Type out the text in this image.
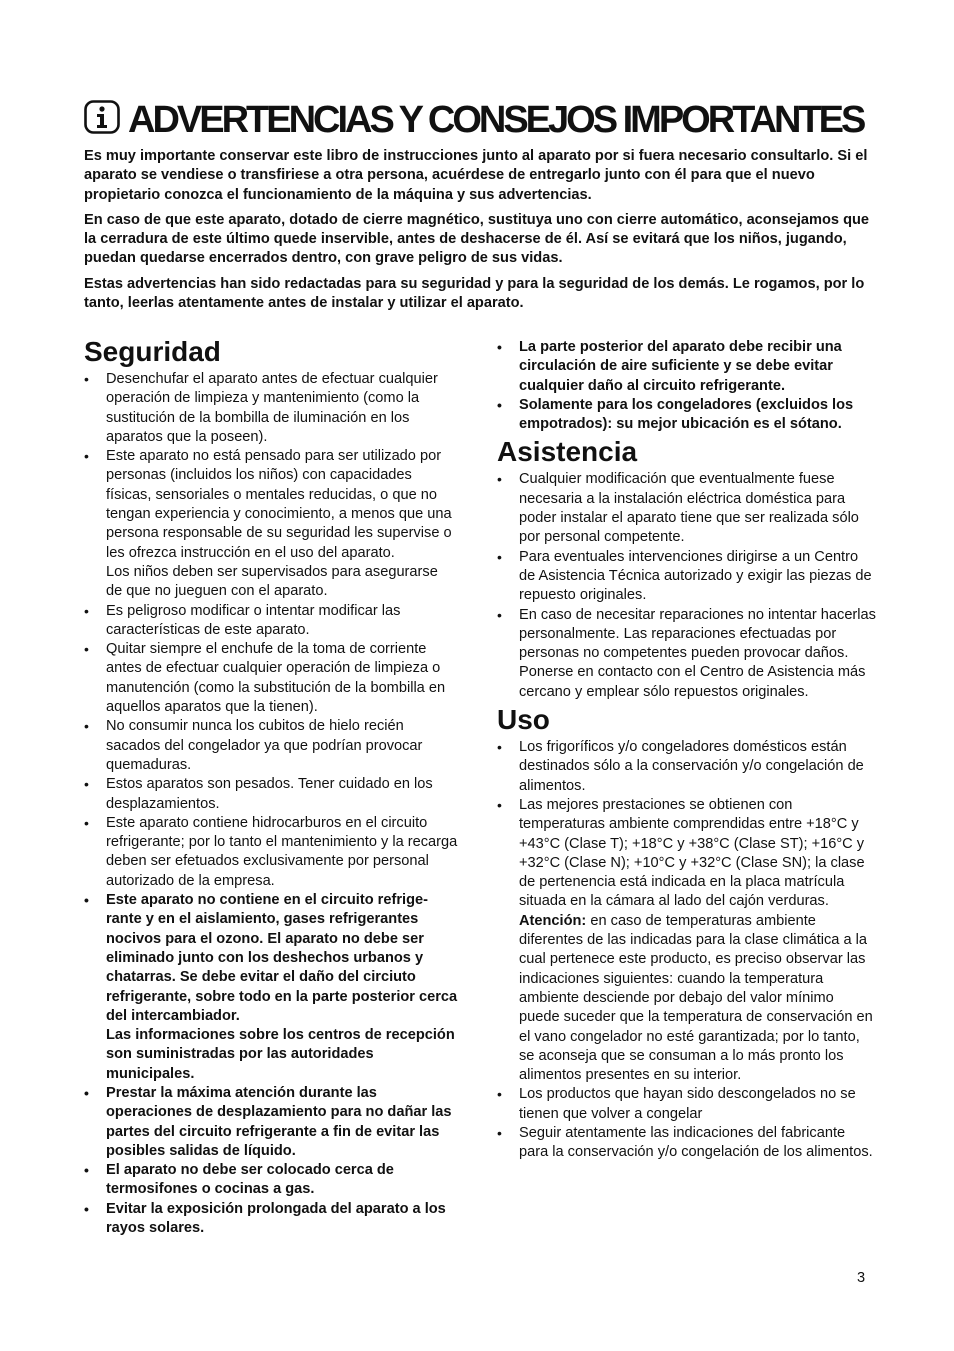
ADVERTENCIAS Y CONSEJOS IMPORTANTES

Es muy importante conservar este libro de instrucciones junto al aparato por si fuera necesario consultarlo. Si el aparato se vendiese o transfiriese a otra persona, acuérdese de entregarlo junto con él para que el nuevo propietario conozca el funcionamiento de la máquina y sus advertencias.

En caso de que este aparato, dotado de cierre magnético, sustituya uno con cierre automático, aconsejamos que la cerradura de este último quede inservible, antes de deshacerse de él. Así se evitará que los niños, jugando, puedan quedarse encerrados dentro, con grave peligro de sus vidas.

Estas advertencias han sido redactadas para su seguridad y para la seguridad de los demás. Le rogamos, por lo tanto, leerlas atentamente antes de instalar y utilizar el aparato.

Seguridad
• Desenchufar el aparato antes de efectuar cualquier operación de limpieza y mantenimiento (como la sustitución de la bombilla de iluminación en los aparatos que la poseen).
• Este aparato no está pensado para ser utilizado por personas (incluidos los niños) con capacidades físicas, sensoriales o mentales reducidas, o que no tengan experiencia y conocimiento, a menos que una persona responsable de su seguridad les supervise o les ofrezca instrucción en el uso del aparato.
Los niños deben ser supervisados para asegurarse de que no jueguen con el aparato.
• Es peligroso modificar o intentar modificar las características de este aparato.
• Quitar siempre el enchufe de la toma de corriente antes de efectuar cualquier operación de limpieza o manutención (como la substitución de la bombilla en aquellos aparatos que la tienen).
• No consumir nunca los cubitos de hielo recién sacados del congelador ya que podrían provocar quemaduras.
• Estos aparatos son pesados. Tener cuidado en los desplazamientos.
• Este aparato contiene hidrocarburos en el circuito refrigerante; por lo tanto el mantenimiento y la recarga deben ser efetuados exclusivamente por personal autorizado de la empresa.
• Este aparato no contiene en el circuito refrige-rante y en el aislamiento, gases refrigerantes nocivos para el ozono. El aparato no debe ser eliminado junto con los deshechos urbanos y chatarras. Se debe evitar el daño del circiuto refrigerante, sobre todo en la parte posterior cerca del intercambiador.
Las informaciones sobre los centros de recepción son suministradas por las autoridades municipales.
• Prestar la máxima atención durante las operaciones de desplazamiento para no dañar las partes del circuito refrigerante a fin de evitar las posibles salidas de líquido.
• El aparato no debe ser colocado cerca de termosifones o cocinas a gas.
• Evitar la exposición prolongada del aparato a los rayos solares.
• La parte posterior del aparato debe recibir una circulación de aire suficiente y se debe evitar cualquier daño al circuito refrigerante.
• Solamente para los congeladores (excluidos los empotrados): su mejor ubicación es el sótano.
Asistencia
• Cualquier modificación que eventualmente fuese necesaria a la instalación eléctrica doméstica para poder instalar el aparato tiene que ser realizada sólo por personal competente.
• Para eventuales intervenciones dirigirse a un Centro de Asistencia Técnica autorizado y exigir las piezas de repuesto originales.
• En caso de necesitar reparaciones no intentar hacerlas personalmente. Las reparaciones efectuadas por personas no competentes pueden provocar daños. Ponerse en contacto con el Centro de Asistencia más cercano y emplear sólo repuestos originales.
Uso
• Los frigoríficos y/o congeladores domésticos están destinados sólo a la conservación y/o congelación de alimentos.
• Las mejores prestaciones se obtienen con temperaturas ambiente comprendidas entre +18°C y +43°C (Clase T); +18°C y +38°C (Clase ST); +16°C y +32°C (Clase N); +10°C y +32°C (Clase SN); la clase de pertenencia está indicada en la placa matrícula situada en la cámara al lado del cajón verduras.
Atención: en caso de temperaturas ambiente diferentes de las indicadas para la clase climática a la cual pertenece este producto, es preciso observar las indicaciones siguientes: cuando la temperatura ambiente desciende por debajo del valor mínimo puede suceder que la temperatura de conservación en el vano congelador no esté garantizada; por lo tanto, se aconseja que se consuman a lo más pronto los alimentos presentes en su interior.
• Los productos que hayan sido descongelados no se tienen que volver a congelar
• Seguir atentamente las indicaciones del fabricante para la conservación y/o congelación de los alimentos.
3
